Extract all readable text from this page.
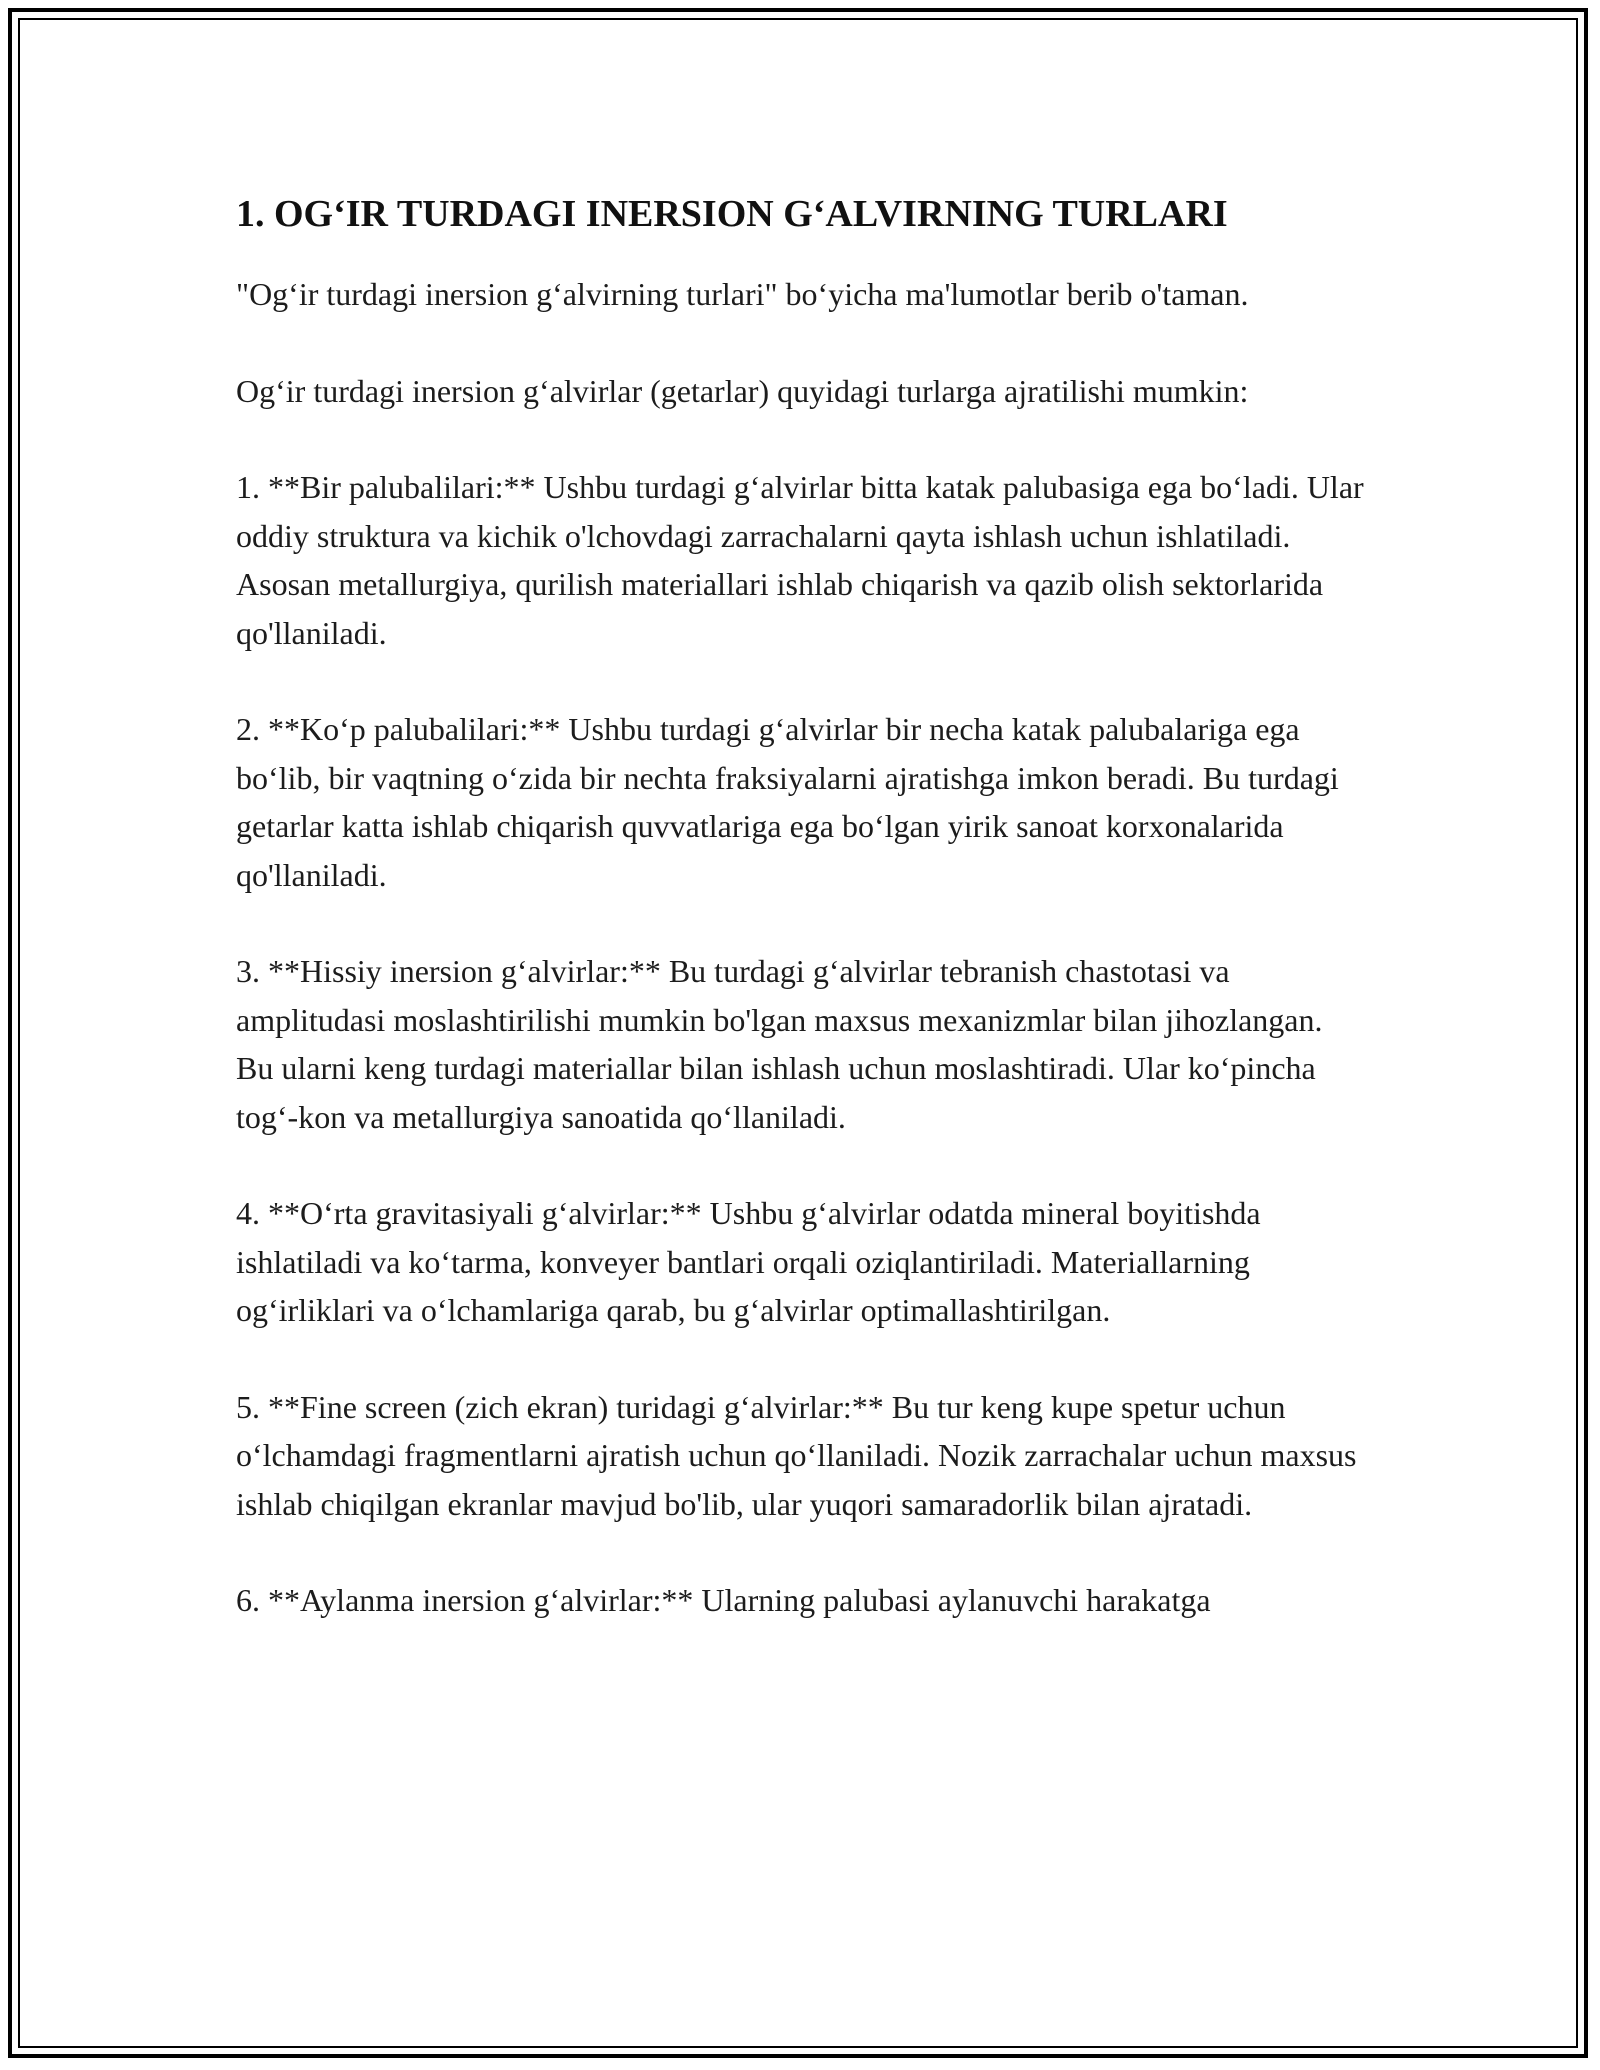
1. OG‘IR TURDAGI INERSION G‘ALVIRNING TURLARI

"Og‘ir turdagi inersion g‘alvirning turlari" bo‘yicha ma'lumotlar berib o'taman.

Og‘ir turdagi inersion g‘alvirlar (getarlar) quyidagi turlarga ajratilishi mumkin:

1. **Bir palubalilari:** Ushbu turdagi g‘alvirlar bitta katak palubasiga ega bo‘ladi. Ular oddiy struktura va kichik o'lchovdagi zarrachalarni qayta ishlash uchun ishlatiladi. Asosan metallurgiya, qurilish materiallari ishlab chiqarish va qazib olish sektorlarida qo'llaniladi.

2. **Ko‘p palubalilari:** Ushbu turdagi g‘alvirlar bir necha katak palubalariga ega bo‘lib, bir vaqtning o‘zida bir nechta fraksiyalarni ajratishga imkon beradi. Bu turdagi getarlar katta ishlab chiqarish quvvatlariga ega bo‘lgan yirik sanoat korxonalarida qo'llaniladi.

3. **Hissiy inersion g‘alvirlar:** Bu turdagi g‘alvirlar tebranish chastotasi va amplitudasi moslashtirilishi mumkin bo'lgan maxsus mexanizmlar bilan jihozlangan. Bu ularni keng turdagi materiallar bilan ishlash uchun moslashtiradi. Ular ko‘pincha tog‘-kon va metallurgiya sanoatida qo‘llaniladi.

4. **O‘rta gravitasiyali g‘alvirlar:** Ushbu g‘alvirlar odatda mineral boyitishda ishlatiladi va ko‘tarma, konveyer bantlari orqali oziqlantiriladi. Materiallarning og‘irliklari va o‘lchamlariga qarab, bu g‘alvirlar optimallashtirilgan.

5. **Fine screen (zich ekran) turidagi g‘alvirlar:** Bu tur keng kupe spetur uchun o‘lchamdagi fragmentlarni ajratish uchun qo‘llaniladi. Nozik zarrachalar uchun maxsus ishlab chiqilgan ekranlar mavjud bo'lib, ular yuqori samaradorlik bilan ajratadi.

6. **Aylanma inersion g‘alvirlar:** Ularning palubasi aylanuvchi harakatga
